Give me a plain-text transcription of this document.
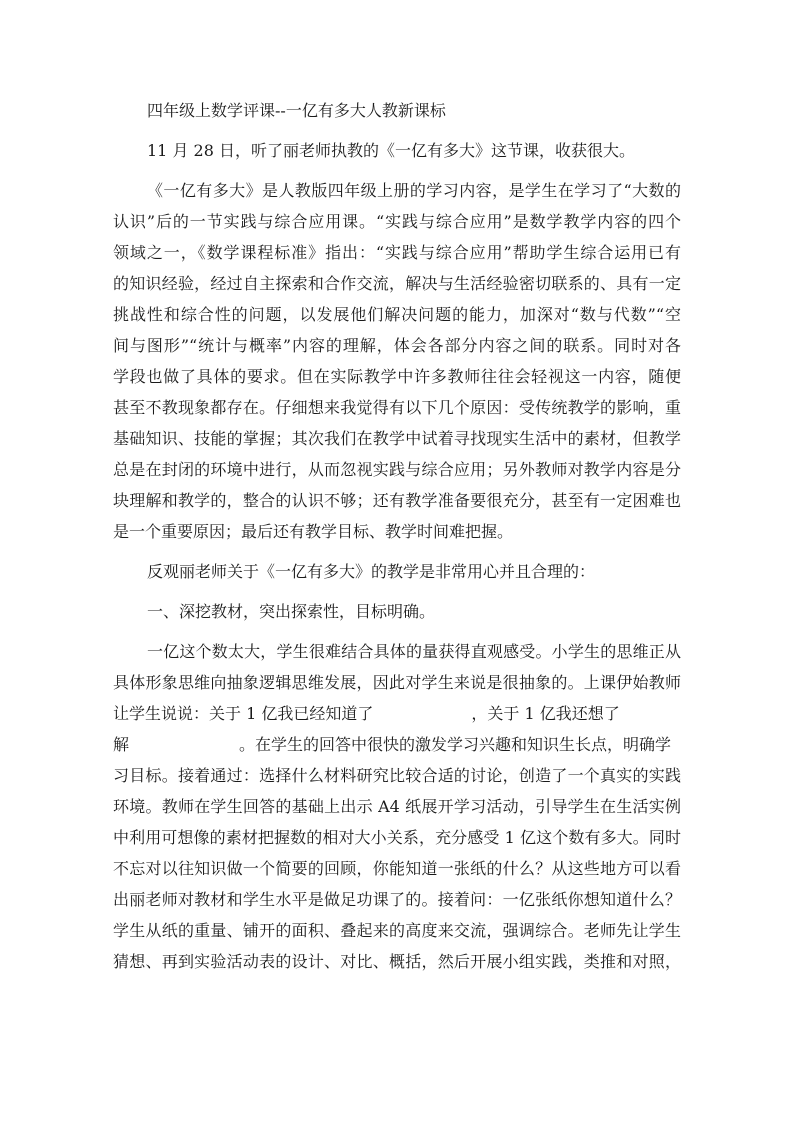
四年级上数学评课--一亿有多大人教新课标
11 月 28 日，听了丽老师执教的《一亿有多大》这节课，收获很大。
《一亿有多大》是人教版四年级上册的学习内容，是学生在学习了“大数的
认识”后的一节实践与综合应用课。“实践与综合应用”是数学教学内容的四个
领域之一，《数学课程标准》指出：“实践与综合应用”帮助学生综合运用已有
的知识经验，经过自主探索和合作交流，解决与生活经验密切联系的、具有一定
挑战性和综合性的问题，以发展他们解决问题的能力，加深对“数与代数”“空
间与图形”“统计与概率”内容的理解，体会各部分内容之间的联系。同时对各
学段也做了具体的要求。但在实际教学中许多教师往往会轻视这一内容，随便
甚至不教现象都存在。仔细想来我觉得有以下几个原因：受传统教学的影响，重
基础知识、技能的掌握；其次我们在教学中试着寻找现实生活中的素材，但教学
总是在封闭的环境中进行，从而忽视实践与综合应用；另外教师对教学内容是分
块理解和教学的，整合的认识不够；还有教学准备要很充分，甚至有一定困难也
是一个重要原因；最后还有教学目标、教学时间难把握。
反观丽老师关于《一亿有多大》的教学是非常用心并且合理的：
一、深挖教材，突出探索性，目标明确。
一亿这个数太大，学生很难结合具体的量获得直观感受。小学生的思维正从
具体形象思维向抽象逻辑思维发展，因此对学生来说是很抽象的。上课伊始教师
让学生说说：关于 1 亿我已经知道了	，关于 1 亿我还想了
解	。在学生的回答中很快的激发学习兴趣和知识生长点，明确学
习目标。接着通过：选择什么材料研究比较合适的讨论，创造了一个真实的实践
环境。教师在学生回答的基础上出示 A4 纸展开学习活动，引导学生在生活实例
中利用可想像的素材把握数的相对大小关系，充分感受 1 亿这个数有多大。同时
不忘对以往知识做一个简要的回顾，你能知道一张纸的什么？从这些地方可以看
出丽老师对教材和学生水平是做足功课了的。接着问：一亿张纸你想知道什么？
学生从纸的重量、铺开的面积、叠起来的高度来交流，强调综合。老师先让学生
猜想、再到实验活动表的设计、对比、概括，然后开展小组实践，类推和对照，
